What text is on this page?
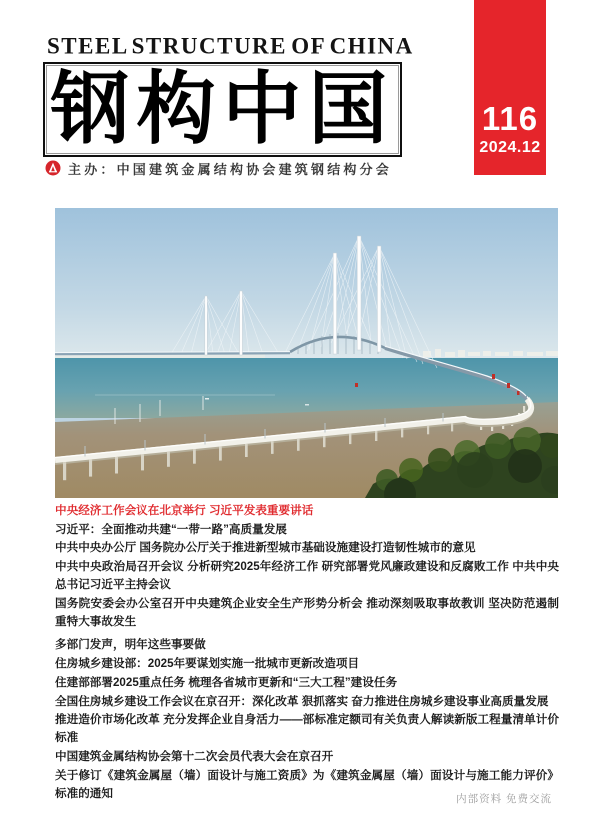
116
2024.12
STEEL STRUCTURE OF CHINA
钢构中国
主办：中国建筑金属结构协会建筑钢结构分会
中央经济工作会议在北京举行 习近平发表重要讲话
习近平：全面推动共建“一带一路”高质量发展
中共中央办公厅 国务院办公厅关于推进新型城市基础设施建设打造韧性城市的意见
中共中央政治局召开会议 分析研究2025年经济工作 研究部署党风廉政建设和反腐败工作 中共中央总书记习近平主持会议
国务院安委会办公室召开中央建筑企业安全生产形势分析会 推动深刻吸取事故教训 坚决防范遏制重特大事故发生
多部门发声，明年这些事要做
住房城乡建设部：2025年要谋划实施一批城市更新改造项目
住建部部署2025重点任务 梳理各省城市更新和“三大工程”建设任务
全国住房城乡建设工作会议在京召开：深化改革 狠抓落实 奋力推进住房城乡建设事业高质量发展
推进造价市场化改革 充分发挥企业自身活力——部标准定额司有关负责人解读新版工程量清单计价标准
中国建筑金属结构协会第十二次会员代表大会在京召开
关于修订《建筑金属屋（墙）面设计与施工资质》为《建筑金属屋（墙）面设计与施工能力评价》标准的通知	内部资料 免费交流
